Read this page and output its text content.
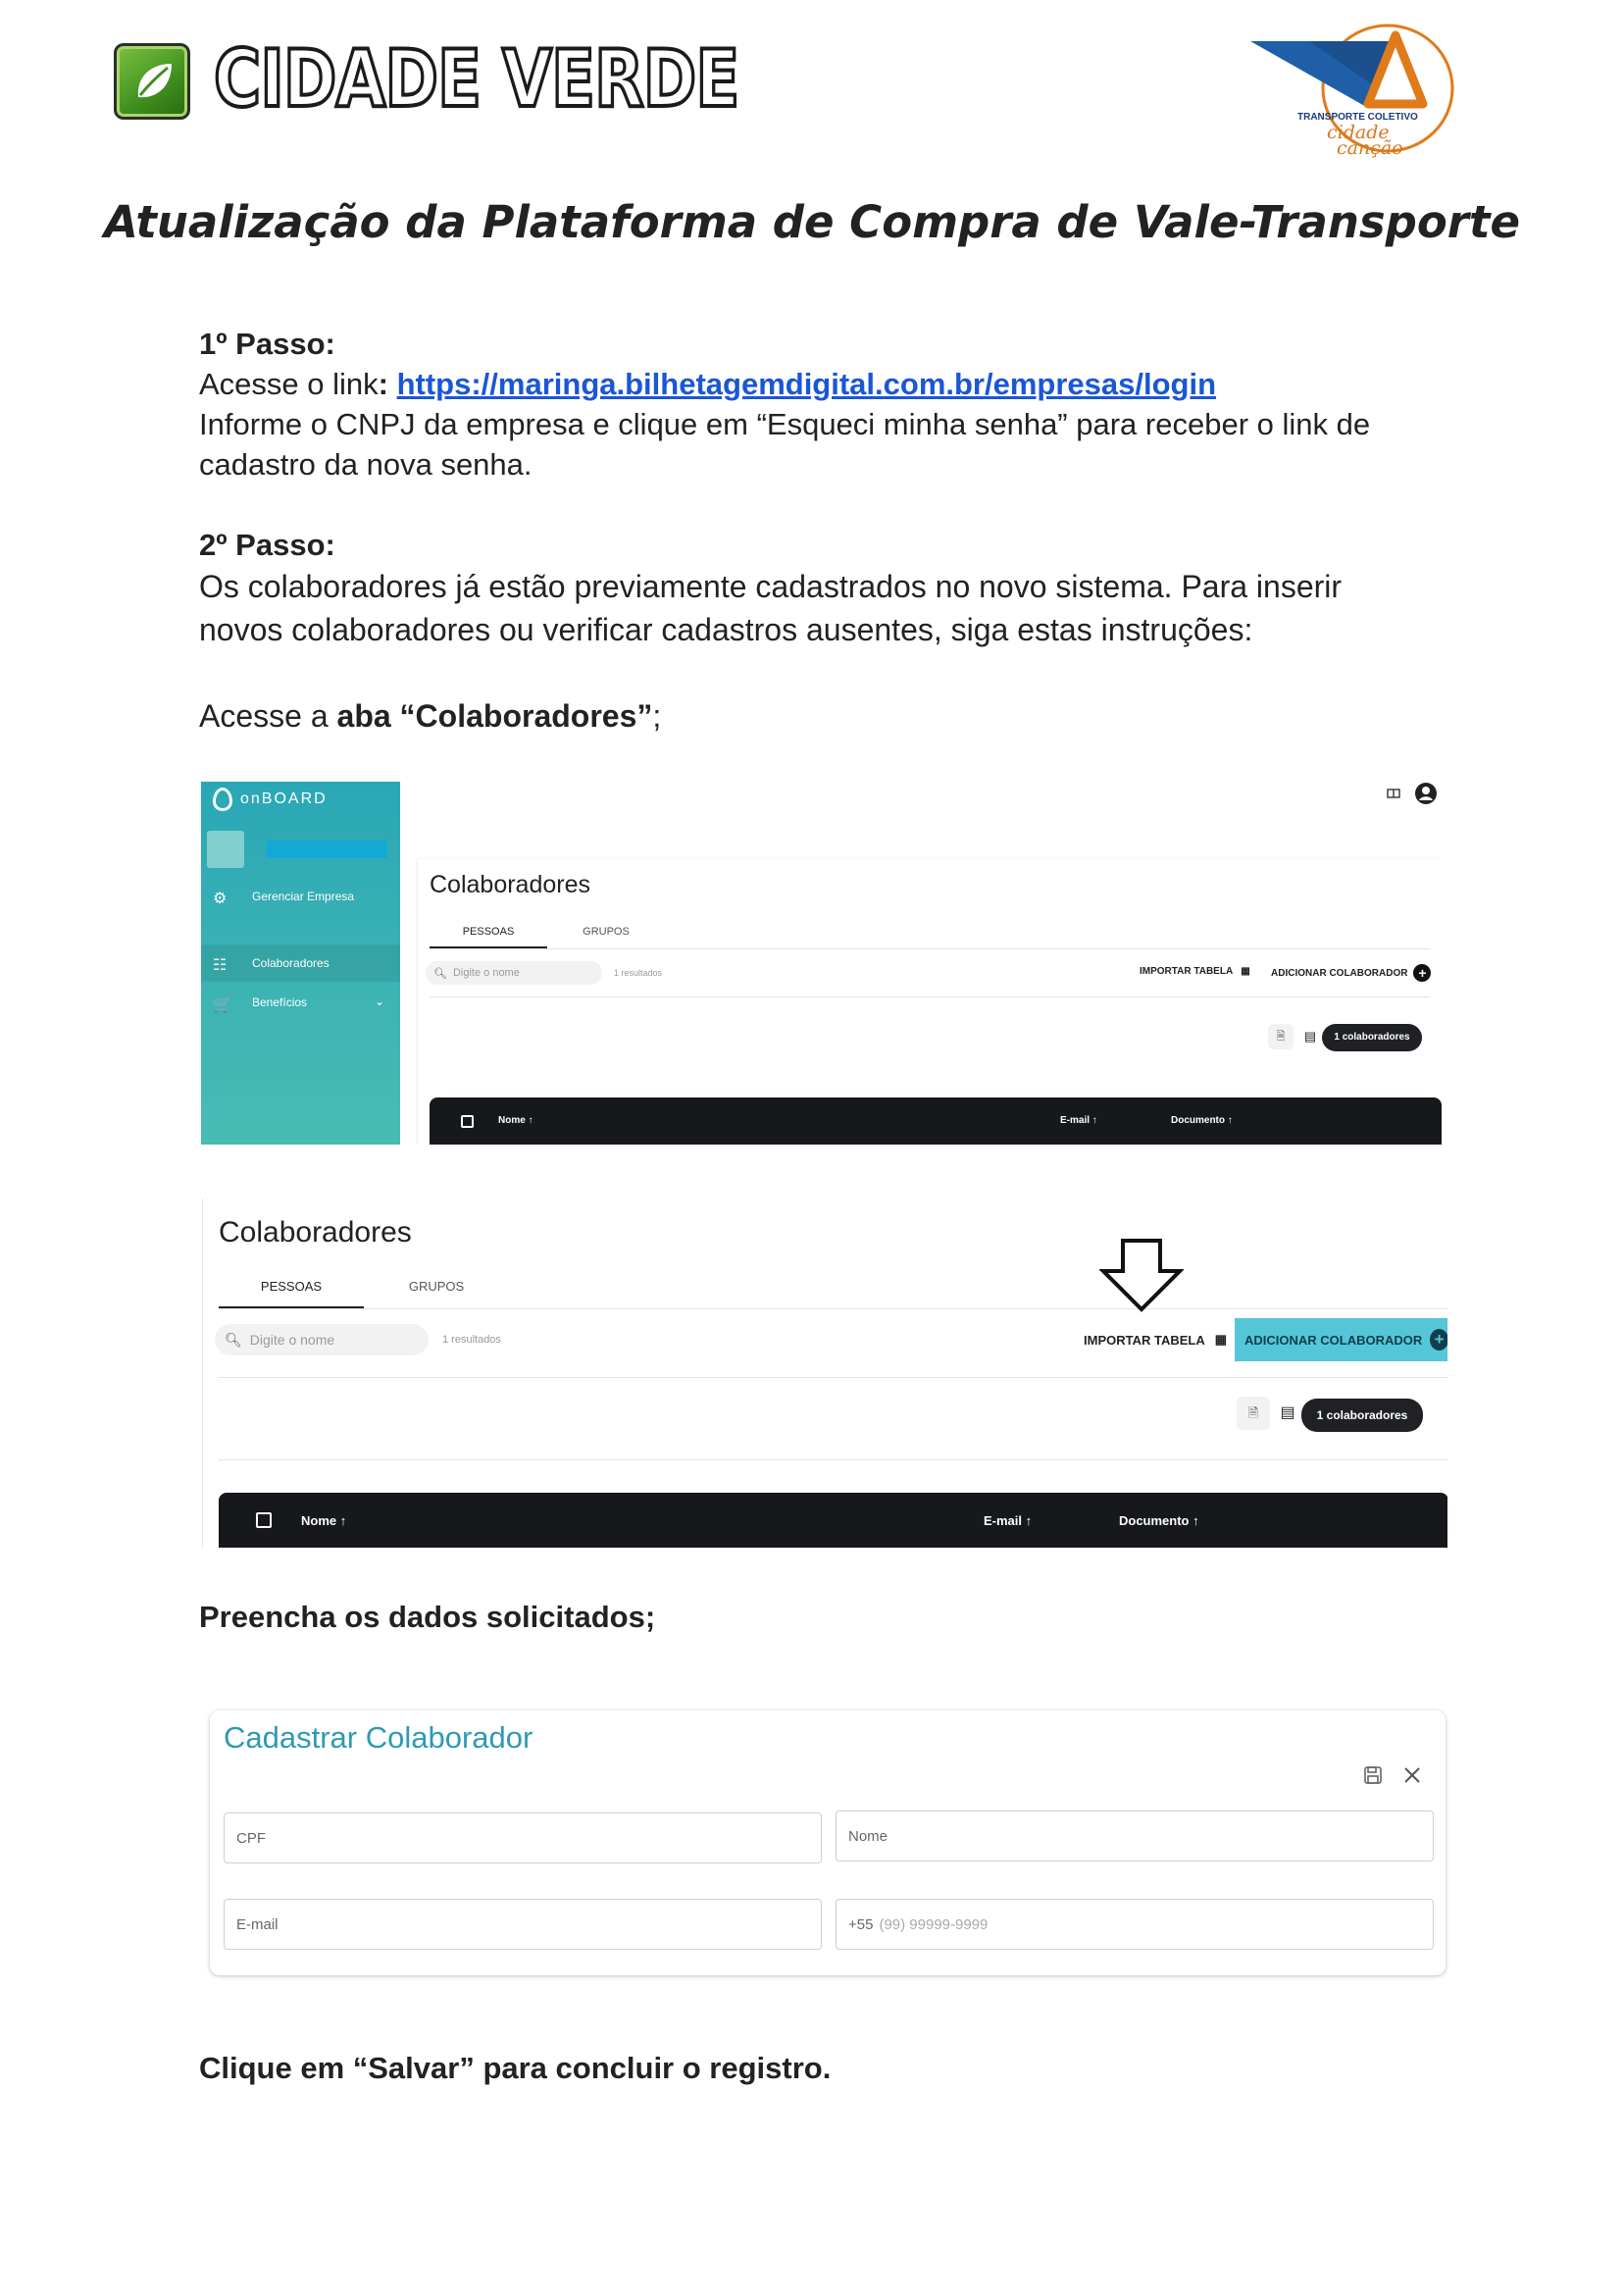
CIDADE VERDE	TRANSPORTE COLETIVO
cidade
canção
Atualização da Plataforma de Compra de Vale-Transporte
1º Passo:
Acesse o link: https://maringa.bilhetagemdigital.com.br/empresas/login
Informe o CNPJ da empresa e clique em “Esqueci minha senha” para receber o link de
cadastro da nova senha.
2º Passo:
Os colaboradores já estão previamente cadastrados no novo sistema. Para inserir
novos colaboradores ou verificar cadastros ausentes, siga estas instruções:
Acesse a aba “Colaboradores”;
onBOARD
⚙ Gerenciar Empresa
☷ Colaboradores
🛒 Benefícios	⌄
Colaboradores
PESSOAS	GRUPOS
🔍︎ Digite o nome	1 resultados	IMPORTAR TABELA ▦ ADICIONAR COLABORADOR +
🗎	▤	1 colaboradores
Nome ↑	E-mail ↑	Documento ↑
Colaboradores
PESSOAS	GRUPOS
🔍︎ Digite o nome	1 resultados	IMPORTAR TABELA ▦ ADICIONAR COLABORADOR +
🗎	▤	1 colaboradores
Nome ↑	E-mail ↑	Documento ↑
Preencha os dados solicitados;
Cadastrar Colaborador
CPF	Nome
E-mail	+55 (99) 99999-9999
Clique em “Salvar” para concluir o registro.
